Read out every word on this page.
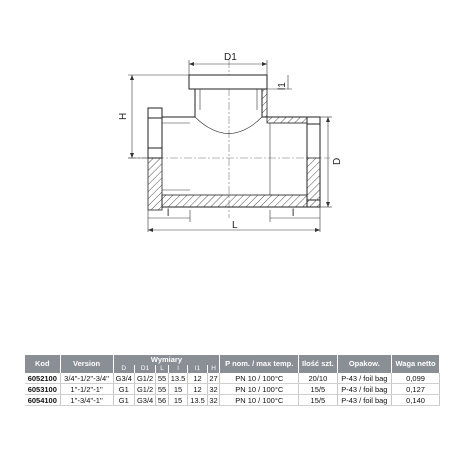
D1
H
l1
D
l	l
L
Kod	Version	Wymiary						P nom. / max temp.	Ilość szt.	Opakow.	Waga netto
		D	D1	L	l	l1	H				
6052100	3/4''-1/2''-3/4''	G3/4	G1/2	55	13.5	12	27	PN 10 / 100°C	20/10	P-43 / foil bag	0,099
6053100	1''-1/2''-1''	G1	G1/2	55	15	12	32	PN 10 / 100°C	15/5	P-43 / foil bag	0,127
6054100	1''-3/4''-1''	G1	G3/4	56	15	13.5	32	PN 10 / 100°C	15/5	P-43 / foil bag	0,140
